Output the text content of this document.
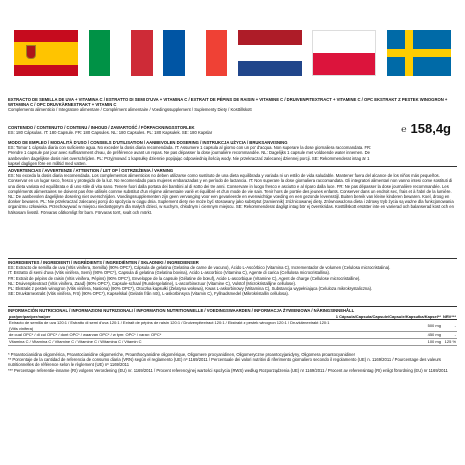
EXTRACTO DE SEMILLA DE UVA + VITAMINA C / ESTRATTO DI SEMI D'UVA + VITAMINA C / EXTRAIT DE PÉPINS DE RAISIN + VITAMINE C / DRUIVENPITEXTRACT + VITAMINE C / OPC EKSTRAKT Z PESTEK WINOGRON + WITAMINA C / OPC DRUVKÄRNEXTRAKT + VITAMIN C
Complemento alimenticio / Integratore alimentare / Complément alimentaire / Voedingssupplement / Suplementy Diety / Kosttillskott
CONTENIDO / CONTENUTO / CONTENU / INHOUD / ZAWARTOŚĆ / FÖRPACKNINGSSTORLEK
ES: 180 Cápsulas. IT: 180 Capsule. FR: 180 Capsules. NL: 180 Capsules. PL: 180 Kapsułek. SE: 180 Kapslar	℮ 158,4g
MODO DE EMPLEO / MODALITÀ D'USO / CONSEILS D'UTILISATION / AANBEVOLEN DOSERING / INSTRUKCJA UŻYCIA / BRUKSANVISNING
ES: Tomar 1 cápsula diaria con suficiente agua. No exceder la dosis diaria recomendada. IT: Assumere 1 capsula al giorno con un po' d'acqua. Non superare la dose giornaliera raccomandata. FR: Prendre 1 capsule par jour avec suffisamment d'eau, de préférence avant un repas. Ne pas dépasser la dose journalière recommandée. NL: Dagelijks 1 capsule met voldoende water innemen. De aanbevolen dagelijkse dosis niet overschrijden. PL: Przyjmować 1 kapsułkę dziennie popijając odpowiednią ilością wody. Nie przekraczać zalecanej dziennej porcji. SE: Rekommenderat intag är 1 kapsel dagligen före en måltid med vatten.
ADVERTENCIAS / AVVERTENZE / ATTENTION / LET OP / OSTRZEŻENIA / VARNING
ES: No exceda la dosis diaria recomendada. Los complementos alimenticios no deben utilizarse como sustituto de una dieta equilibrada y variada ni un estilo de vida saludable. Mantener fuera del alcance de los niños más pequeños. Conservar en un lugar seco, fresco y protegido de la luz. No recomendado para mujeres embarazadas y en período de lactancia. IT: Non superare la dose giornaliera raccomandata. Gli integratori alimentari non vanno intesi come sostituti di una dieta variata ed equilibrata e di uno stile di vita sano. Tenere fuori dalla portata dei bambini al di sotto dei tre anni. Conservare in luogo fresco e asciutto e al riparo dalla luce. FR: Ne pas dépasser la dose journalière recommandée. Les compléments alimentaires ne doivent pas être utilisés comme substitut d'un régime alimentaire varié et équilibré et d'un mode de vie sain. Tenir hors de portée des jeunes enfants. Conserver dans un endroit sec, frais et à l'abri de la lumière. NL: De aanbevolen dagelijkse dosering niet overschrijden. Voedingssupplementen zijn geen vervanging voor een gevarieerde en evenwichtige voeding en een gezonde levensstijl. Buiten bereik van kleine kinderen bewaren. Koel, droog en donker bewaren. PL: Nie przekraczać zalecanej porcji do spożycia w ciągu dnia. Suplement diety nie może być stosowany jako substytut (zamiennik) zróżnicowanej diety. Zrównoważona dieta i zdrowy tryb życia są ważne dla funkcjonowania organizmu człowieka. Przechowywać w miejscu niedostępnym dla małych dzieci, w suchym, chłodnym i ciemnym miejscu. SE: Rekommenderat dagligt intag bör ej överskridas. Kosttillskott ersätter inte en varierad och balanserad kost och en hälsosam livsstil. Förvaras oåtkomligt för barn. Förvaras torrt, svalt och mörkt.
INGREDIENTES / INGREDIENTI / INGRÉDIENTS / INGREDIËNTEN / SKŁADNIKI / INGREDIENSER
ES: Extracto de semilla de uva (Vitis vinifera, Semilla) (90% OPC*), Cápsula de gelatina (Gelatina de carne de vacuno), Ácido L-Ascórbico (Vitamina C), Incrementador de volumen (Celulosa microcristalina).
IT: Estratto di semi d'uva (Vitis vinifera, Semi) (90% OPC*), Capsula di gelatina (Gelatina bovina), Acido L-ascorbico (Vitamina C), Agente di carica (Cellulosa microcristallina).
FR: Extrait de pépins de raisin (Vitis vinifera, Pépins) (90% OPC*), Enveloppe de la capsule (Gélatine de bœuf), Acide L-ascorbique (Vitamine C), Agent de charge (Cellulose microcristalline).
NL: Druivenpitextract (Vitis vinifera, Zaad) (90% OPC*), Capsule-schaal (Rundergelatine), L-ascorbinezuur (Vitamine C), Vulstof (Microkristallijne cellulose).
PL: Ekstrakt z pestek winogron (Vitis vinifera, Nasiona) (90% OPC*), Otoczka kapsułki (Żelatyna wołowa), Kwas L-askorbinowy (Witamina C), Substancja wypełniająca (Celuloza mikrokrystaliczna).
SE: Druvkärnextrakt (Vitis vinifera, Frö) (90% OPC*), Kapselskal (Gelatin från nöt), L-askorbinsyra (Vitamin C), Fyllnadsmedel (Mikrokristallin cellulosa).
INFORMACIÓN NUTRICIONAL / INFORMAZIONI NUTRIZIONALI / INFORMATION NUTRITIONNELLE / VOEDINGSWAARDEN / INFORMACJA ŻYWIENIOWA / NÄRINGSINNEHÅLL
por/per/par/per/na/per	1 Cápsula/Capsula/Capsule/Capsule/Kapsułka/Kapsel**	NRV***
Extracto de semilla de uva 120:1 / Estratto di semi d'uva 120:1 / Extrait de pépins de raisin 120:1 / Druivenpitextract 120:1 / Ekstrakt z pestek winogron 120:1 / Druvkärnextrakt 120:1 (Vitis vinifera)	500 mg	-
de cual OPC* / di cui OPC* / dont OPC* / waarvan OPC* / w tym: OPC* / varav: OPC*	450 mg	-
Vitamina C / Vitamina C / Vitamine C / Vitamine C / Witamina C / Vitamin C	100 mg	125 %
* Proantocianidina oligomérica, Proantocianidine oligomeriche, Proanthocyanidine oligomérique, Oligomere procyanidinen, Oligomeryczne proantocyjanidyny, Oligomera proantocyanidiner
** Porcentaje de la cantidad de referencia de consumo diaria (VRN) según el reglamento (UE) nº 1169/2011 / Percentuale dei valori nutritivi di riferimento giornaliero secondo il regolamento (UE) n. 1169/2011 / Pourcentage des valeurs nutritionnelles de référence selon le règlement (UE) nº 1169/2011
*** Percentage referentie-inname (RI) volgens Verordening (EU) nr. 1169/2011 / Procent referencyjnej wartości spożycia (RWS) według Rozporządzenia (UE) nr 1169/2011 / Procent av referensintag (RI) enligt förordning (EU) nr 1169/2011
